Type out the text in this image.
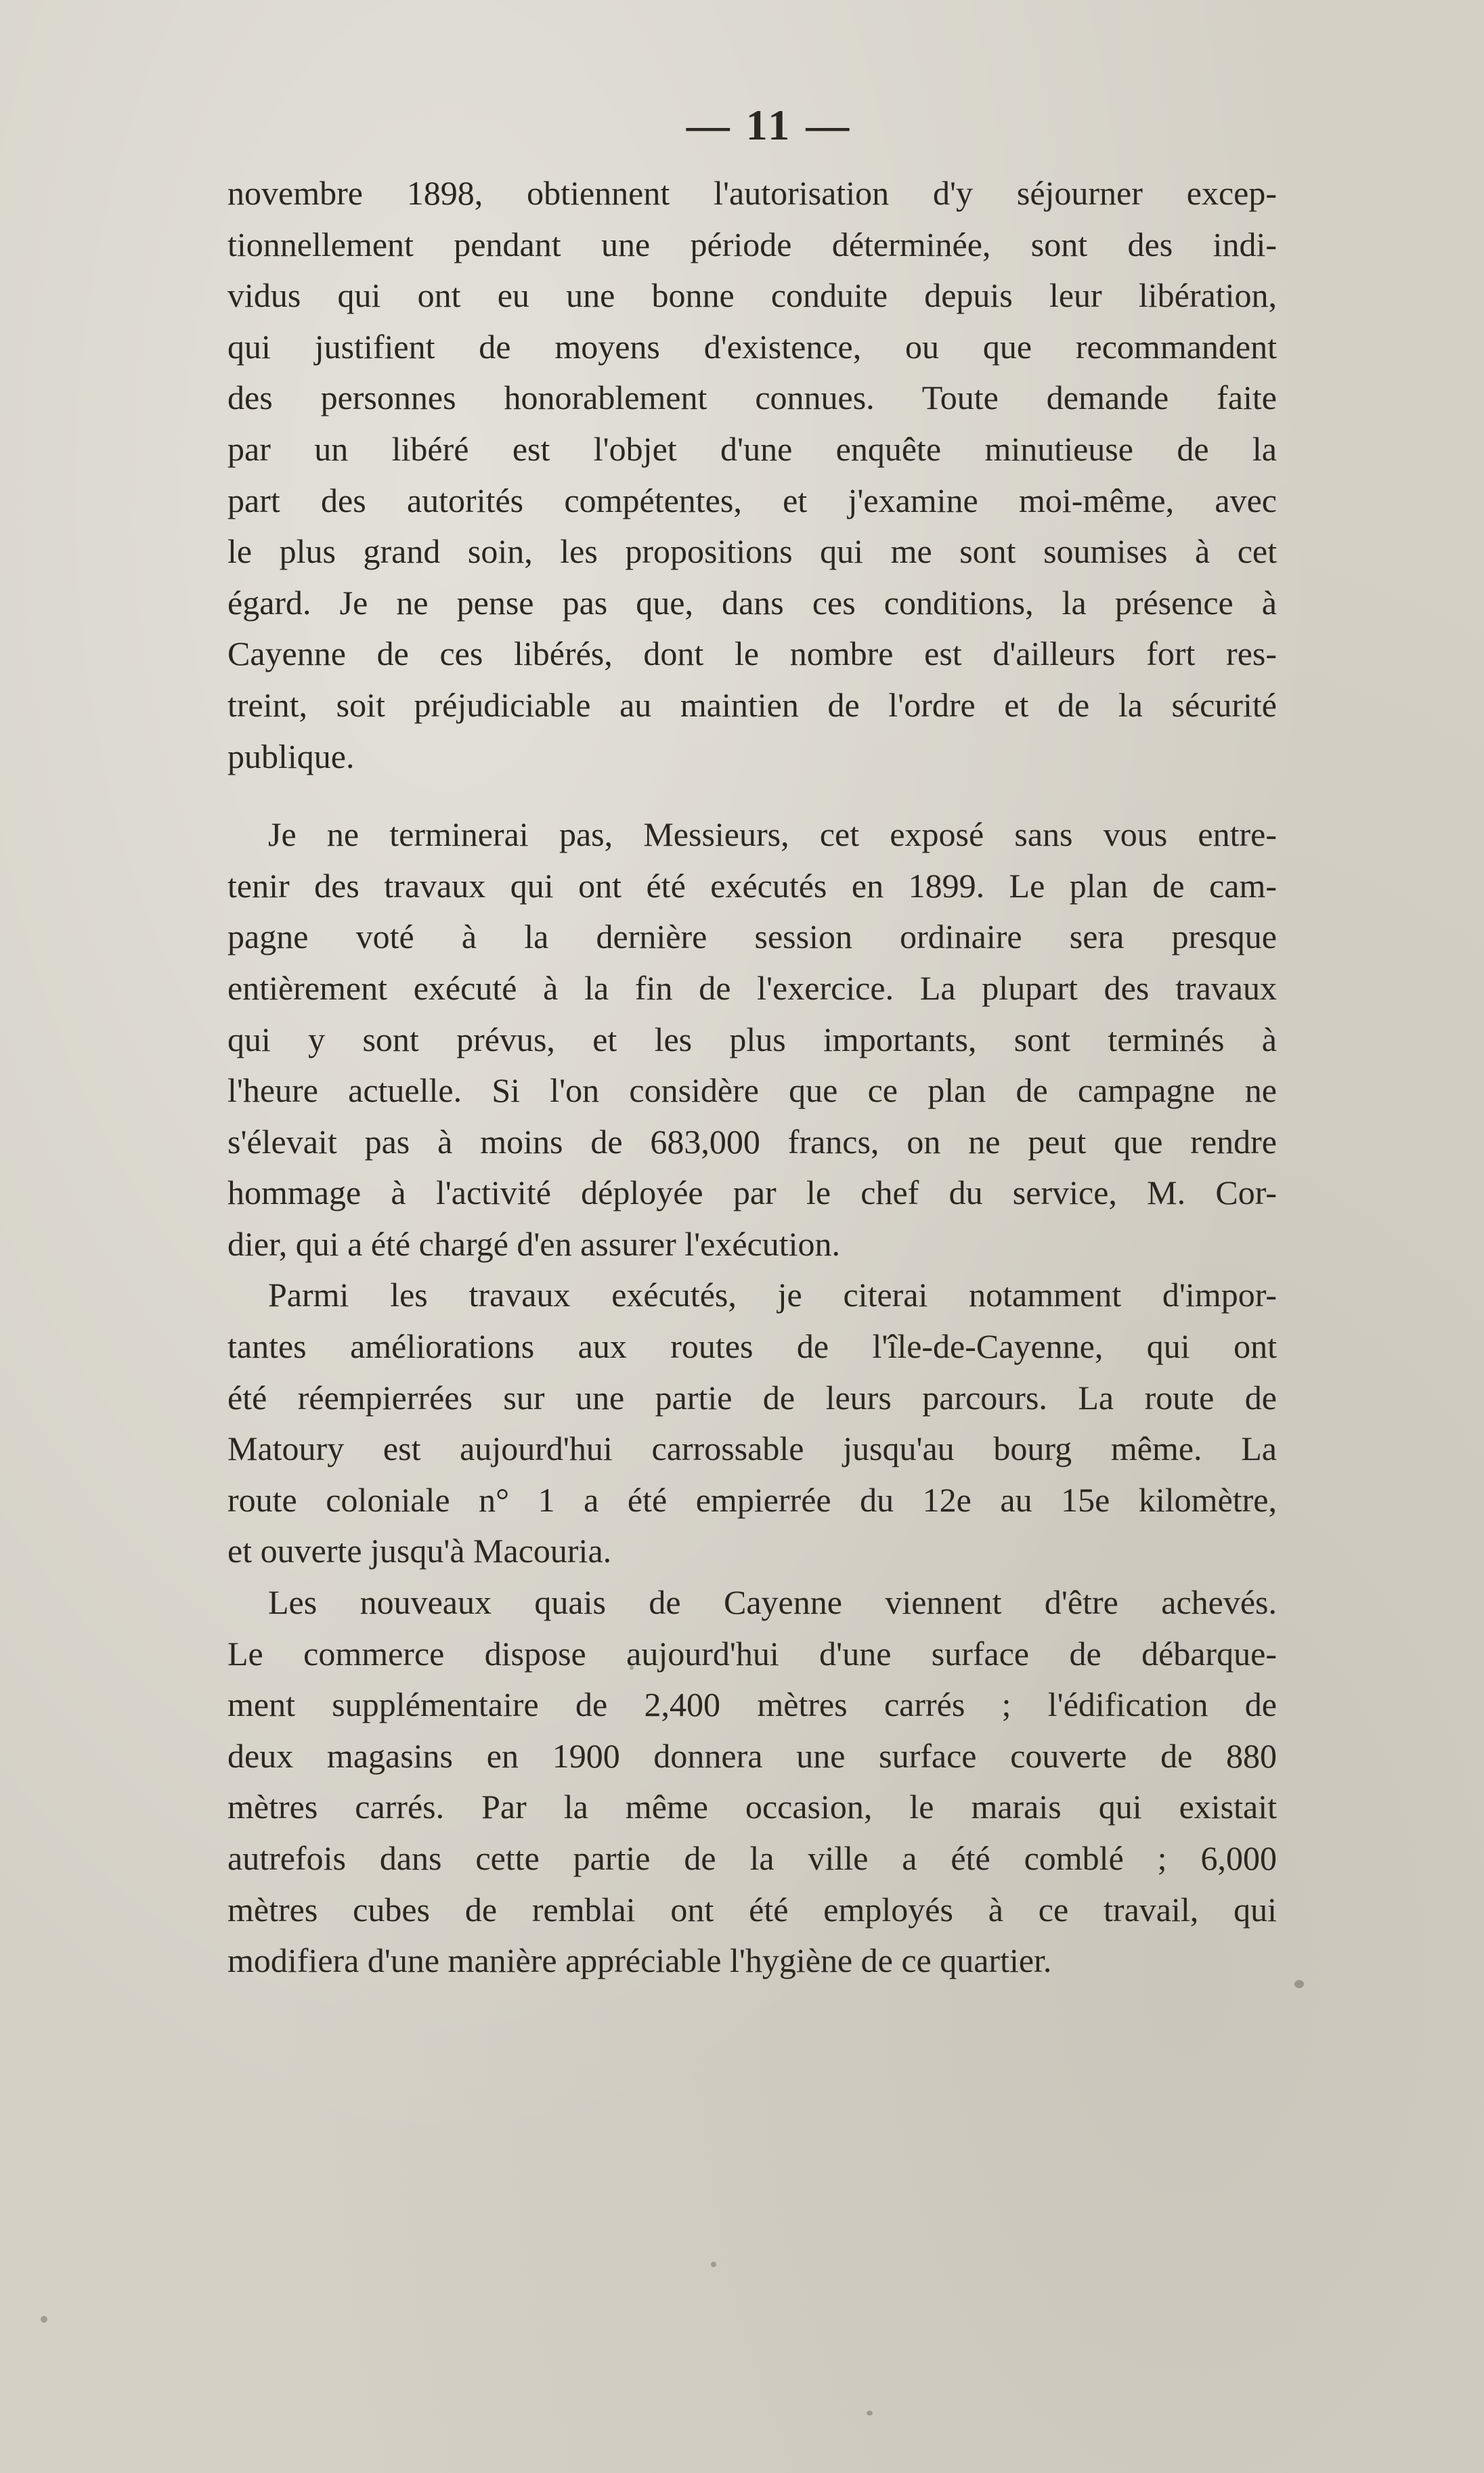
— 11 —

novembre 1898, obtiennent l'autorisation d'y séjourner excep-
tionnellement pendant une période déterminée, sont des indi-
vidus qui ont eu une bonne conduite depuis leur libération,
qui justifient de moyens d'existence, ou que recommandent
des personnes honorablement connues. Toute demande faite
par un libéré est l'objet d'une enquête minutieuse de la
part des autorités compétentes, et j'examine moi-même, avec
le plus grand soin, les propositions qui me sont soumises à cet
égard. Je ne pense pas que, dans ces conditions, la présence à
Cayenne de ces libérés, dont le nombre est d'ailleurs fort res-
treint, soit préjudiciable au maintien de l'ordre et de la sécurité
publique.

Je ne terminerai pas, Messieurs, cet exposé sans vous entre-
tenir des travaux qui ont été exécutés en 1899. Le plan de cam-
pagne voté à la dernière session ordinaire sera presque
entièrement exécuté à la fin de l'exercice. La plupart des travaux
qui y sont prévus, et les plus importants, sont terminés à
l'heure actuelle. Si l'on considère que ce plan de campagne ne
s'élevait pas à moins de 683,000 francs, on ne peut que rendre
hommage à l'activité déployée par le chef du service, M. Cor-
dier, qui a été chargé d'en assurer l'exécution.

Parmi les travaux exécutés, je citerai notamment d'impor-
tantes améliorations aux routes de l'île-de-Cayenne, qui ont
été réempierrées sur une partie de leurs parcours. La route de
Matoury est aujourd'hui carrossable jusqu'au bourg même. La
route coloniale n° 1 a été empierrée du 12e au 15e kilomètre,
et ouverte jusqu'à Macouria.

Les nouveaux quais de Cayenne viennent d'être achevés.
Le commerce dispose aujourd'hui d'une surface de débarque-
ment supplémentaire de 2,400 mètres carrés ; l'édification de
deux magasins en 1900 donnera une surface couverte de 880
mètres carrés. Par la même occasion, le marais qui existait
autrefois dans cette partie de la ville a été comblé ; 6,000
mètres cubes de remblai ont été employés à ce travail, qui
modifiera d'une manière appréciable l'hygiène de ce quartier.
